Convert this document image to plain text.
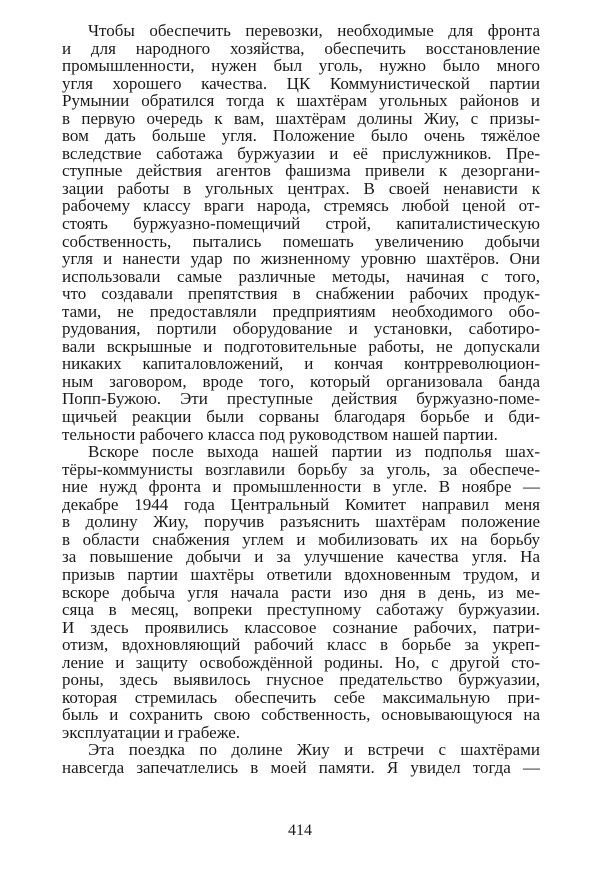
Чтобы обеспечить перевозки, необходимые для фронта
и для народного хозяйства, обеспечить восстановление
промышленности, нужен был уголь, нужно было много
угля хорошего качества. ЦК Коммунистической партии
Румынии обратился тогда к шахтёрам угольных районов и
в первую очередь к вам, шахтёрам долины Жиу, с призы-
вом дать больше угля. Положение было очень тяжёлое
вследствие саботажа буржуазии и её прислужников. Пре-
ступные действия агентов фашизма привели к дезоргани-
зации работы в угольных центрах. В своей ненависти к
рабочему классу враги народа, стремясь любой ценой от-
стоять буржуазно-помещичий строй, капиталистическую
собственность, пытались помешать увеличению добычи
угля и нанести удар по жизненному уровню шахтёров. Они
использовали самые различные методы, начиная с того,
что создавали препятствия в снабжении рабочих продук-
тами, не предоставляли предприятиям необходимого обо-
рудования, портили оборудование и установки, саботиро-
вали вскрышные и подготовительные работы, не допускали
никаких капиталовложений, и кончая контрреволюцион-
ным заговором, вроде того, который организовала банда
Попп-Бужою. Эти преступные действия буржуазно-поме-
щичьей реакции были сорваны благодаря борьбе и бди-
тельности рабочего класса под руководством нашей партии.
Вскоре после выхода нашей партии из подполья шах-
тёры-коммунисты возглавили борьбу за уголь, за обеспече-
ние нужд фронта и промышленности в угле. В ноябре —
декабре 1944 года Центральный Комитет направил меня
в долину Жиу, поручив разъяснить шахтёрам положение
в области снабжения углем и мобилизовать их на борьбу
за повышение добычи и за улучшение качества угля. На
призыв партии шахтёры ответили вдохновенным трудом, и
вскоре добыча угля начала расти изо дня в день, из ме-
сяца в месяц, вопреки преступному саботажу буржуазии.
И здесь проявились классовое сознание рабочих, патри-
отизм, вдохновляющий рабочий класс в борьбе за укреп-
ление и защиту освобождённой родины. Но, с другой сто-
роны, здесь выявилось гнусное предательство буржуазии,
которая стремилась обеспечить себе максимальную при-
быль и сохранить свою собственность, основывающуюся на
эксплуатации и грабеже.
Эта поездка по долине Жиу и встречи с шахтёрами
навсегда запечатлелись в моей памяти. Я увидел тогда —
414
